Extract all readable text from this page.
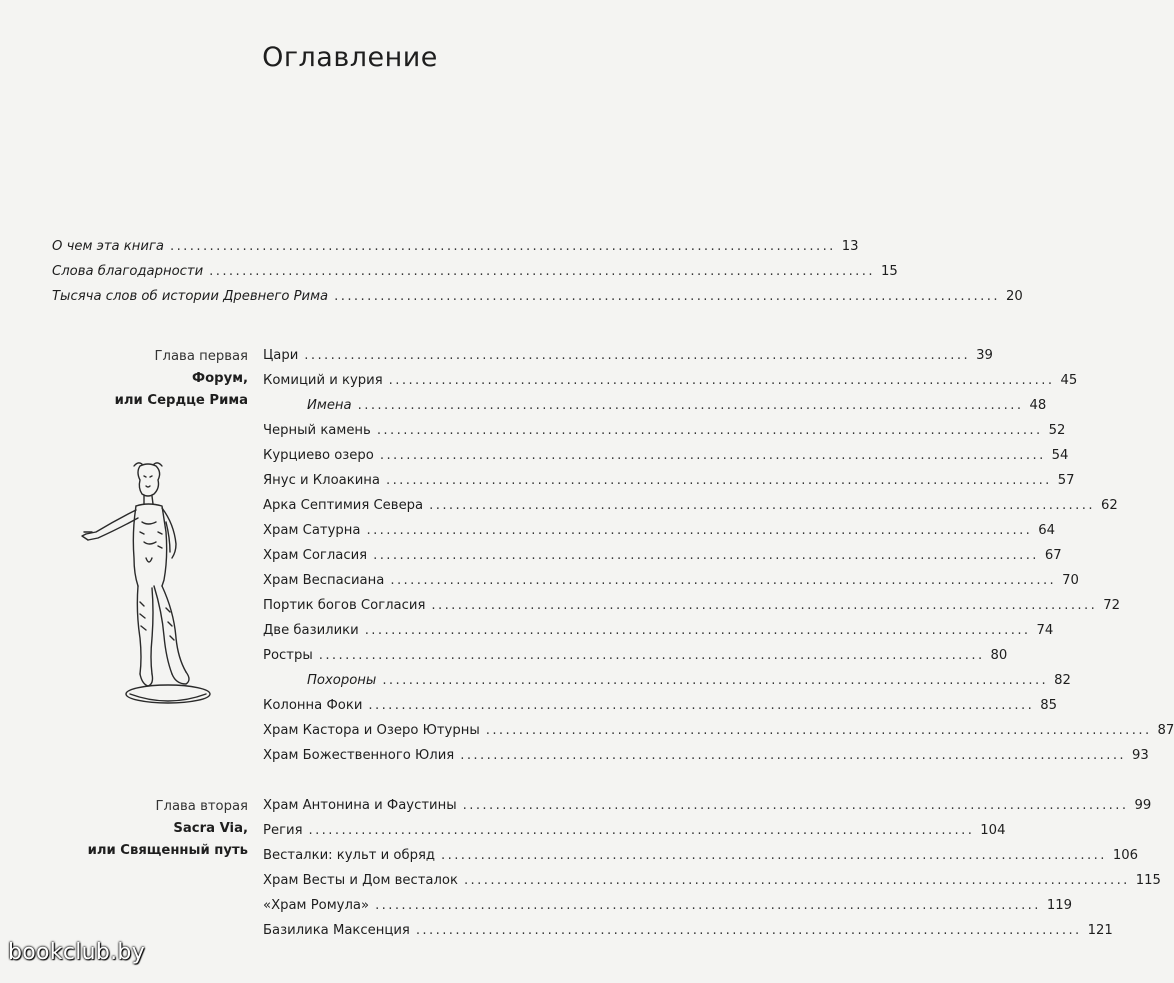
Оглавление
О чем эта книга ..................................................................................................... 13
Слова благодарности ..................................................................................................... 15
Тысяча слов об истории Древнего Рима ..................................................................................................... 20
Глава первая
Форум,
или Сердце Рима
Цари ..................................................................................................... 39
Комиций и курия ..................................................................................................... 45
Имена ..................................................................................................... 48
Черный камень ..................................................................................................... 52
Курциево озеро ..................................................................................................... 54
Янус и Клоакина ..................................................................................................... 57
Арка Септимия Севера ..................................................................................................... 62
Храм Сатурна ..................................................................................................... 64
Храм Согласия ..................................................................................................... 67
Храм Веспасиана ..................................................................................................... 70
Портик богов Согласия ..................................................................................................... 72
Две базилики ..................................................................................................... 74
Ростры ..................................................................................................... 80
Похороны ..................................................................................................... 82
Колонна Фоки ..................................................................................................... 85
Храм Кастора и Озеро Ютурны ..................................................................................................... 87
Храм Божественного Юлия ..................................................................................................... 93
Глава вторая
Sacra Via,
или Священный путь
Храм Антонина и Фаустины ..................................................................................................... 99
Регия ..................................................................................................... 104
Весталки: культ и обряд ..................................................................................................... 106
Храм Весты и Дом весталок ..................................................................................................... 115
«Храм Ромула» ..................................................................................................... 119
Базилика Максенция ..................................................................................................... 121
bookclub.by
